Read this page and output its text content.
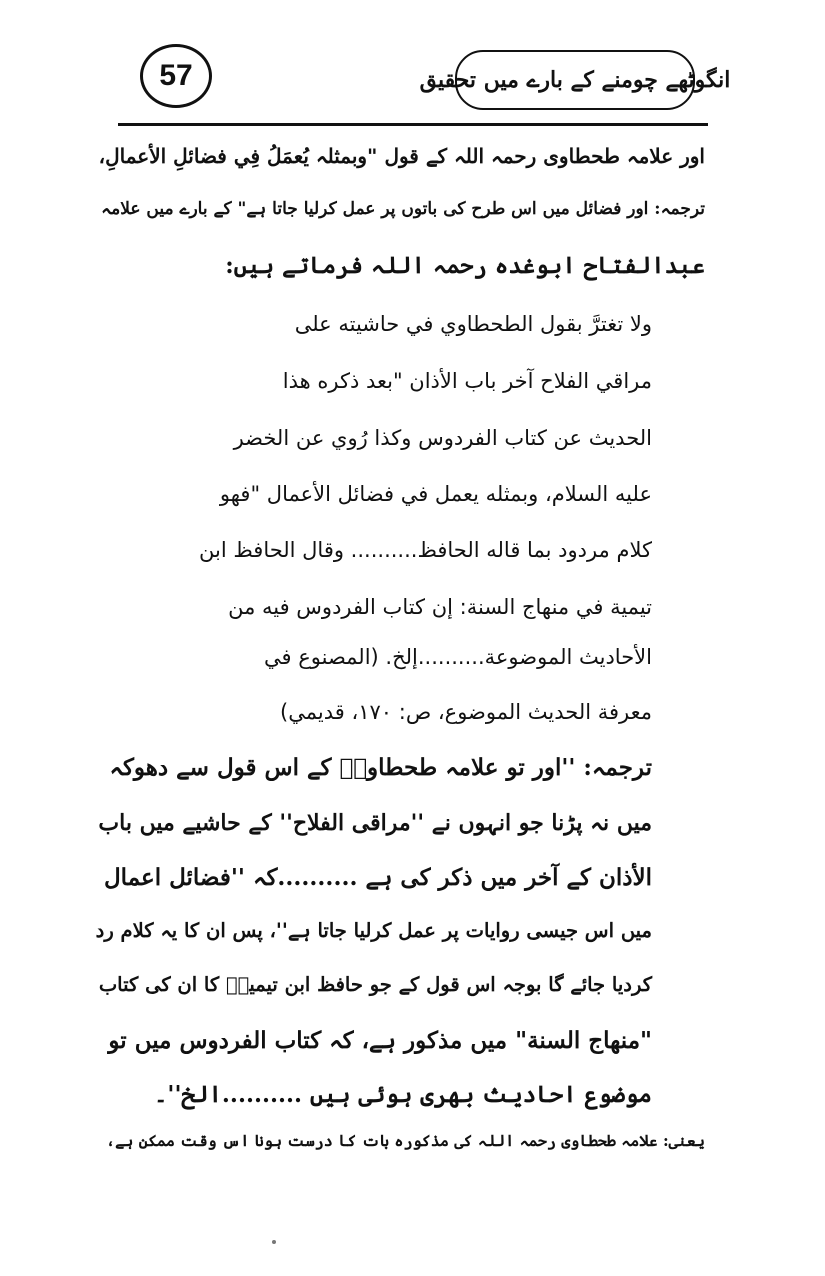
57	انگوٹھے چومنے کے بارے میں تحقیق
اور علامہ طحطاوی رحمہ اللہ کے قول "وبمثلہ یُعمَلُ فِي فضائلِ الأعمالِ،
ترجمہ: اور فضائل میں اس طرح کی باتوں پر عمل کرلیا جاتا ہے" کے بارے میں علامہ
عبدالفتاح ابوغدہ رحمہ اللہ فرماتے ہیں:
ولا تغترَّ بقول الطحطاوي في حاشيته على
مراقي الفلاح آخر باب الأذان "بعد ذكره هذا
الحديث عن كتاب الفردوس وكذا رُوي عن الخضر
عليه السلام، وبمثله يعمل في فضائل الأعمال "فهو
كلام مردود بما قاله الحافظ.......... وقال الحافظ ابن
تيمية في منهاج السنة: إن كتاب الفردوس فيه من
الأحاديث الموضوعة..........إلخ. (المصنوع في
معرفة الحديث الموضوع، ص: ١٧٠، قديمي)
ترجمہ: ''اور تو علامہ طحطاویؒ کے اس قول سے دھوکہ
میں نہ پڑنا جو انہوں نے ''مراقی الفلاح'' کے حاشیے میں باب
الأذان کے آخر میں ذکر کی ہے ..........کہ ''فضائل اعمال
میں اس جیسی روایات پر عمل کرلیا جاتا ہے''، پس ان کا یہ کلام رد
کردیا جائے گا بوجہ اس قول کے جو حافظ ابن تیمیہؒ کا ان کی کتاب
"منهاج السنة" میں مذکور ہے، کہ کتاب الفردوس میں تو
موضوع احادیث بھری ہوئی ہیں ..........الخ''۔
یعنی: علامہ طحطاوی رحمہ اللہ کی مذکورہ بات کا درست ہونا اس وقت ممکن ہے،
